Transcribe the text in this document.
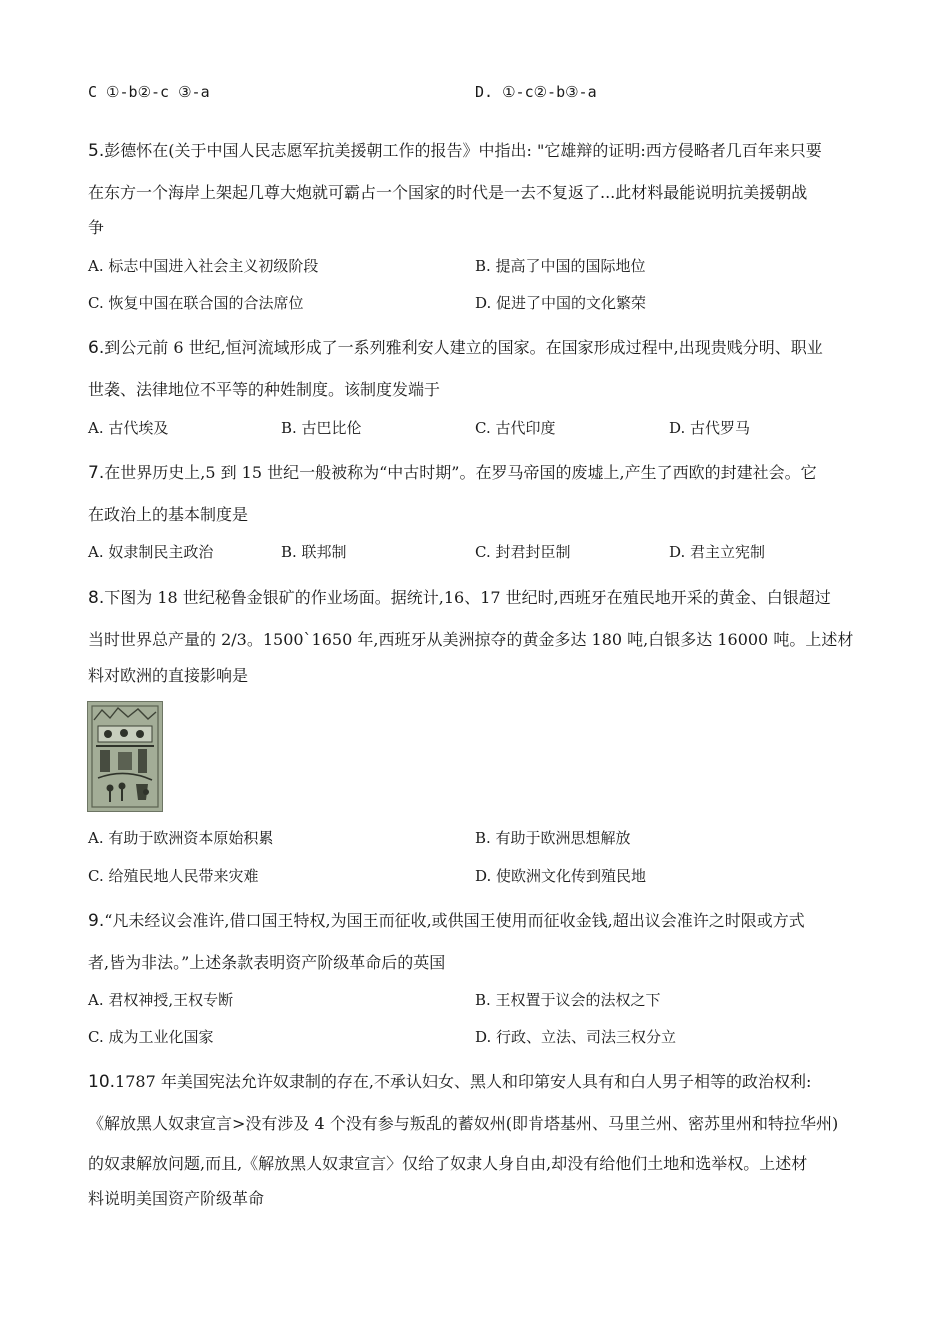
C ①-b②-c ③-a	D. ①-c②-b③-a
5.彭德怀在(关于中国人民志愿军抗美援朝工作的报告》中指出: "它雄辩的证明:西方侵略者几百年来只要
在东方一个海岸上架起几尊大炮就可霸占一个国家的时代是一去不复返了...此材料最能说明抗美援朝战
争
A. 标志中国进入社会主义初级阶段	B. 提高了中国的国际地位
C. 恢复中国在联合国的合法席位	D. 促进了中国的文化繁荣
6.到公元前 6 世纪,恒河流域形成了一系列雅利安人建立的国家。在国家形成过程中,出现贵贱分明、职业
世袭、法律地位不平等的种姓制度。该制度发端于
A. 古代埃及	B. 古巴比伦	C. 古代印度	D. 古代罗马
7.在世界历史上,5 到 15 世纪一般被称为“中古时期”。在罗马帝国的废墟上,产生了西欧的封建社会。它
在政治上的基本制度是
A. 奴隶制民主政治	B. 联邦制	C. 封君封臣制	D. 君主立宪制
8.下图为 18 世纪秘鲁金银矿的作业场面。据统计,16、17 世纪时,西班牙在殖民地开采的黄金、白银超过
当时世界总产量的 2/3。1500`1650 年,西班牙从美洲掠夺的黄金多达 180 吨,白银多达 16000 吨。上述材
料对欧洲的直接影响是
A. 有助于欧洲资本原始积累	B. 有助于欧洲思想解放
C. 给殖民地人民带来灾难	D. 使欧洲文化传到殖民地
9.“凡未经议会准许,借口国王特权,为国王而征收,或供国王使用而征收金钱,超出议会准许之时限或方式
者,皆为非法。”上述条款表明资产阶级革命后的英国
A. 君权神授,王权专断	B. 王权置于议会的法权之下
C. 成为工业化国家	D. 行政、立法、司法三权分立
10.1787 年美国宪法允许奴隶制的存在,不承认妇女、黑人和印第安人具有和白人男子相等的政治权利:
《解放黑人奴隶宣言>没有涉及 4 个没有参与叛乱的蓄奴州(即肯塔基州、马里兰州、密苏里州和特拉华州)
的奴隶解放问题,而且,《解放黑人奴隶宣言〉仅给了奴隶人身自由,却没有给他们土地和选举权。上述材
料说明美国资产阶级革命
